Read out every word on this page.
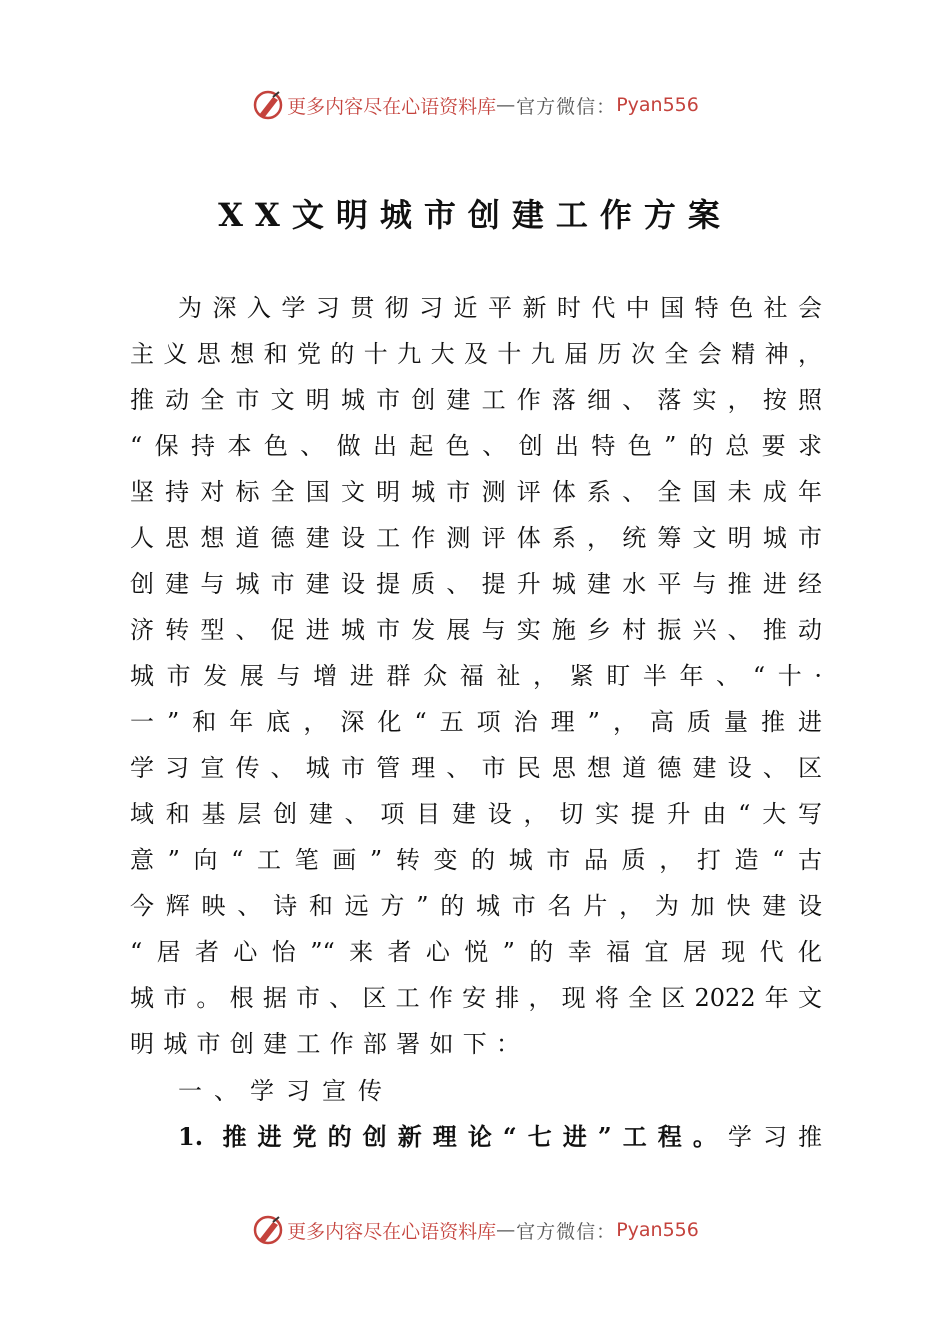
更多内容尽在心语资料库 — 官方微信： Pyan556
XX文明城市创建工作方案
为深入学习贯彻习近平新时代中国特色社会
主义思想和党的十九大及十九届历次全会精神，
推动全市文明城市创建工作落细、落实，按照
“保持本色、做出起色、创出特色”的总要求
坚持对标全国文明城市测评体系、全国未成年
人思想道德建设工作测评体系，统筹文明城市
创建与城市建设提质、提升城建水平与推进经
济转型、促进城市发展与实施乡村振兴、推动
城市发展与增进群众福祉，紧盯半年、“十·
一”和年底，深化“五项治理”，高质量推进
学习宣传、城市管理、市民思想道德建设、区
域和基层创建、项目建设，切实提升由“大写
意”向“工笔画”转变的城市品质，打造“古
今辉映、诗和远方”的城市名片，为加快建设
“居者心怡”“来者心悦”的幸福宜居现代化
城市。根据市、区工作安排，现将全区2022年文
明城市创建工作部署如下：
一、学习宣传
1. 推进党的创新理论“七进”工程。学习推
更多内容尽在心语资料库 — 官方微信： Pyan556
